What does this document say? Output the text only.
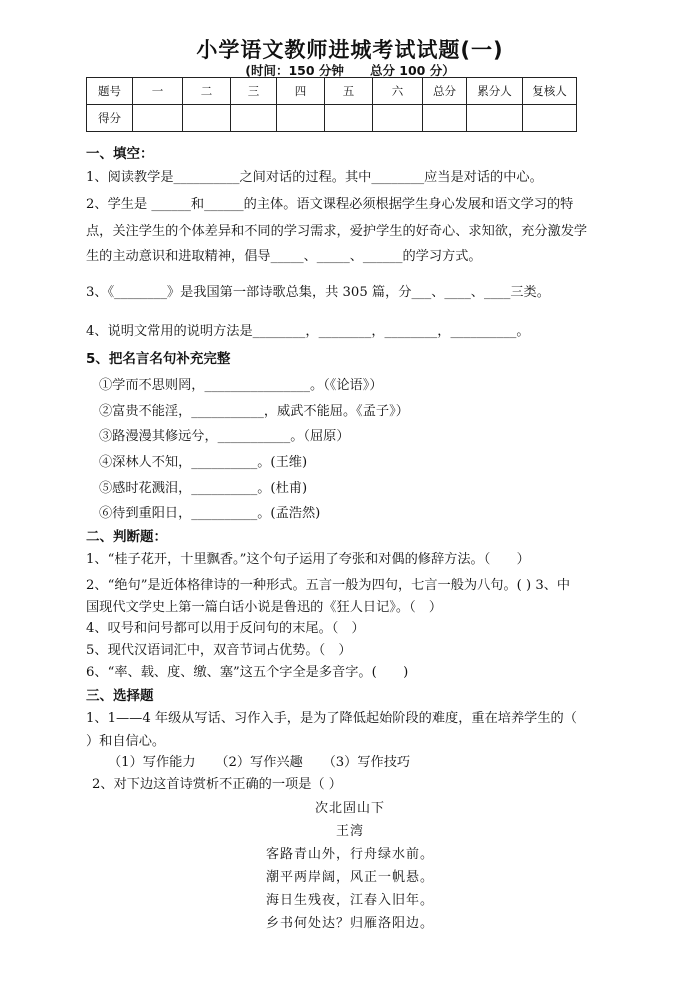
小学语文教师进城考试试题(一)
(时间：150 分钟 总分 100 分）
题号	一	二	三	四	五	六	总分	累分人	复核人
得分									
一、填空：
1、阅读教学是__________之间对话的过程。其中________应当是对话的中心。
2、学生是 ______和______的主体。语文课程必须根据学生身心发展和语文学习的特
点，关注学生的个体差异和不同的学习需求，爱护学生的好奇心、求知欲，充分激发学
生的主动意识和进取精神，倡导_____、_____、______的学习方式。
3、《________》是我国第一部诗歌总集，共 305 篇，分___、____、____三类。
4、说明文常用的说明方法是________，________，________，__________。
5、把名言名句补充完整
①学而不思则罔，________________。（《论语》）
②富贵不能淫，___________，威武不能屈。《孟子》）
③路漫漫其修远兮，___________。（屈原）
④深林人不知，__________。(王维)
⑤感时花溅泪，__________。(杜甫)
⑥待到重阳日，__________。(孟浩然)
二、判断题：
1、“桂子花开，十里飘香。”这个句子运用了夸张和对偶的修辞方法。（　　）
2、“绝句”是近体格律诗的一种形式。五言一般为四句，七言一般为八句。( ) 3、中
国现代文学史上第一篇白话小说是鲁迅的《狂人日记》。（　）
4、叹号和问号都可以用于反问句的末尾。（　）
5、现代汉语词汇中，双音节词占优势。（　）
6、“率、载、度、缴、塞”这五个字全是多音字。(　　)
三、选择题
1、1——4 年级从写话、习作入手，是为了降低起始阶段的难度，重在培养学生的（
）和自信心。
（1）写作能力　　（2）写作兴趣　　（3）写作技巧
2、对下边这首诗赏析不正确的一项是（ ）
次北固山下
王湾
客路青山外，行舟绿水前。
潮平两岸阔，风正一帆悬。
海日生残夜，江春入旧年。
乡书何处达？归雁洛阳边。
